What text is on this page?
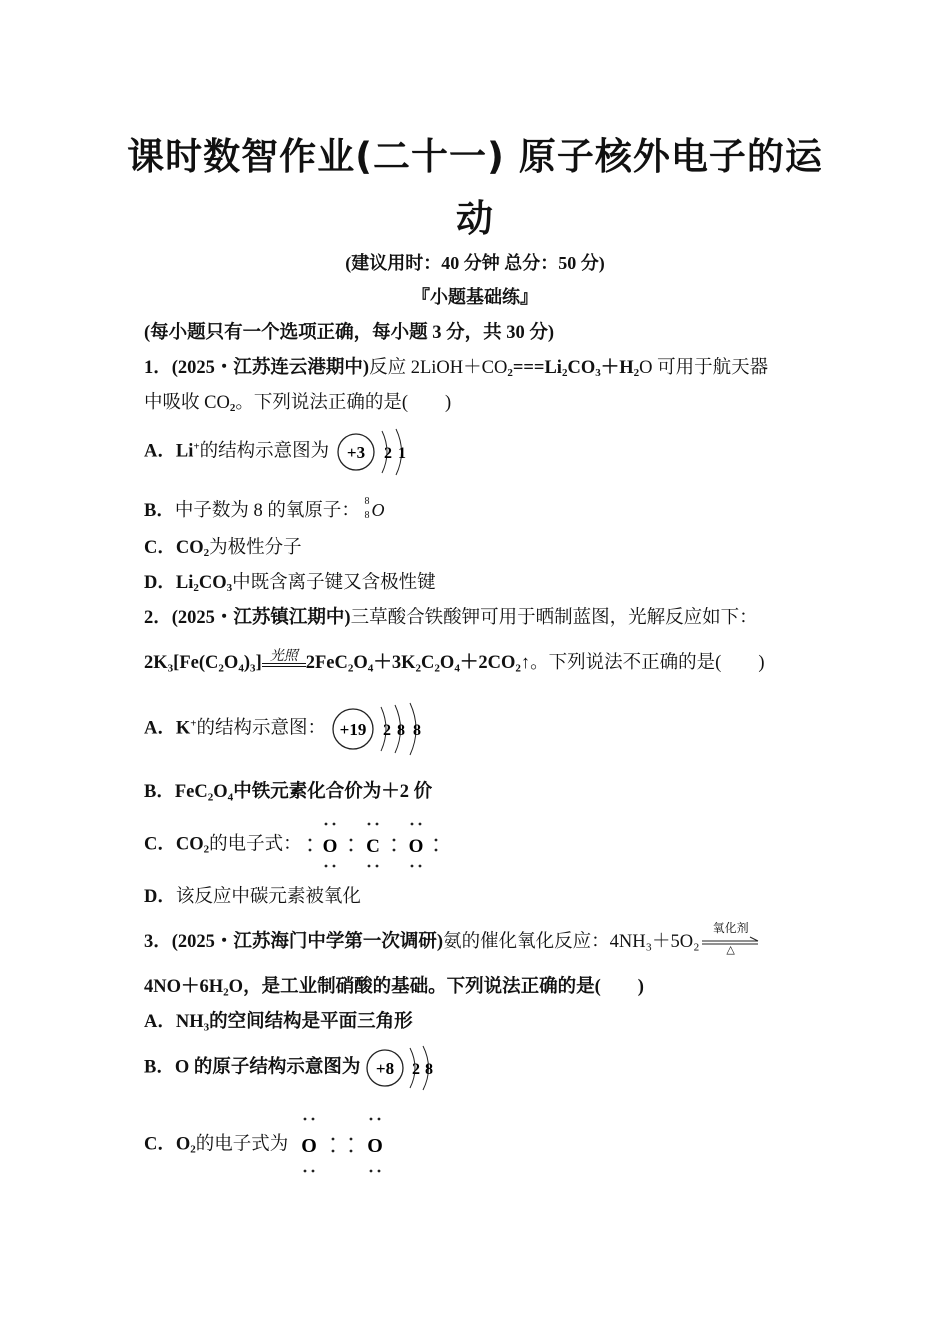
课时数智作业(二十一) 原子核外电子的运
动
(建议用时：40 分钟 总分：50 分)
『小题基础练』
(每小题只有一个选项正确，每小题 3 分，共 30 分)
1．(2025・江苏连云港期中)反应 $2LiOH+CO_2===Li_2CO_3+H_2O$ 可用于航天器
中吸收 $CO_2$。下列说法正确的是(　　)
A．Li+的结构示意图为 +3 2 1
B．中子数为 8 的氧原子： 8
8 O
C．$CO_2$为极性分子
D．$Li_2CO_3$中既含离子键又含极性键
2．(2025・江苏镇江期中)三草酸合铁酸钾可用于晒制蓝图，光解反应如下：
2K₃[Fe(C₂O₄)₃] 光照 2FeC₂O₄＋3K₂C₂O₄＋2CO₂↑。下列说法不正确的是(　　)
A．K+的结构示意图： +19 2 8 8
B．FeC₂O₄中铁元素化合价为＋2 价
C．$CO_2$的电子式： O C O
D．该反应中碳元素被氧化
3．(2025・江苏海门中学第一次调研)氨的催化氧化反应：4NH₃＋5O₂
氧化剂
△
4NO＋6H₂O，是工业制硝酸的基础。下列说法正确的是(　　)
A．NH₃的空间结构是平面三角形
B．O 的原子结构示意图为 +8 2 8
C．$O_2$的电子式为 O	O
